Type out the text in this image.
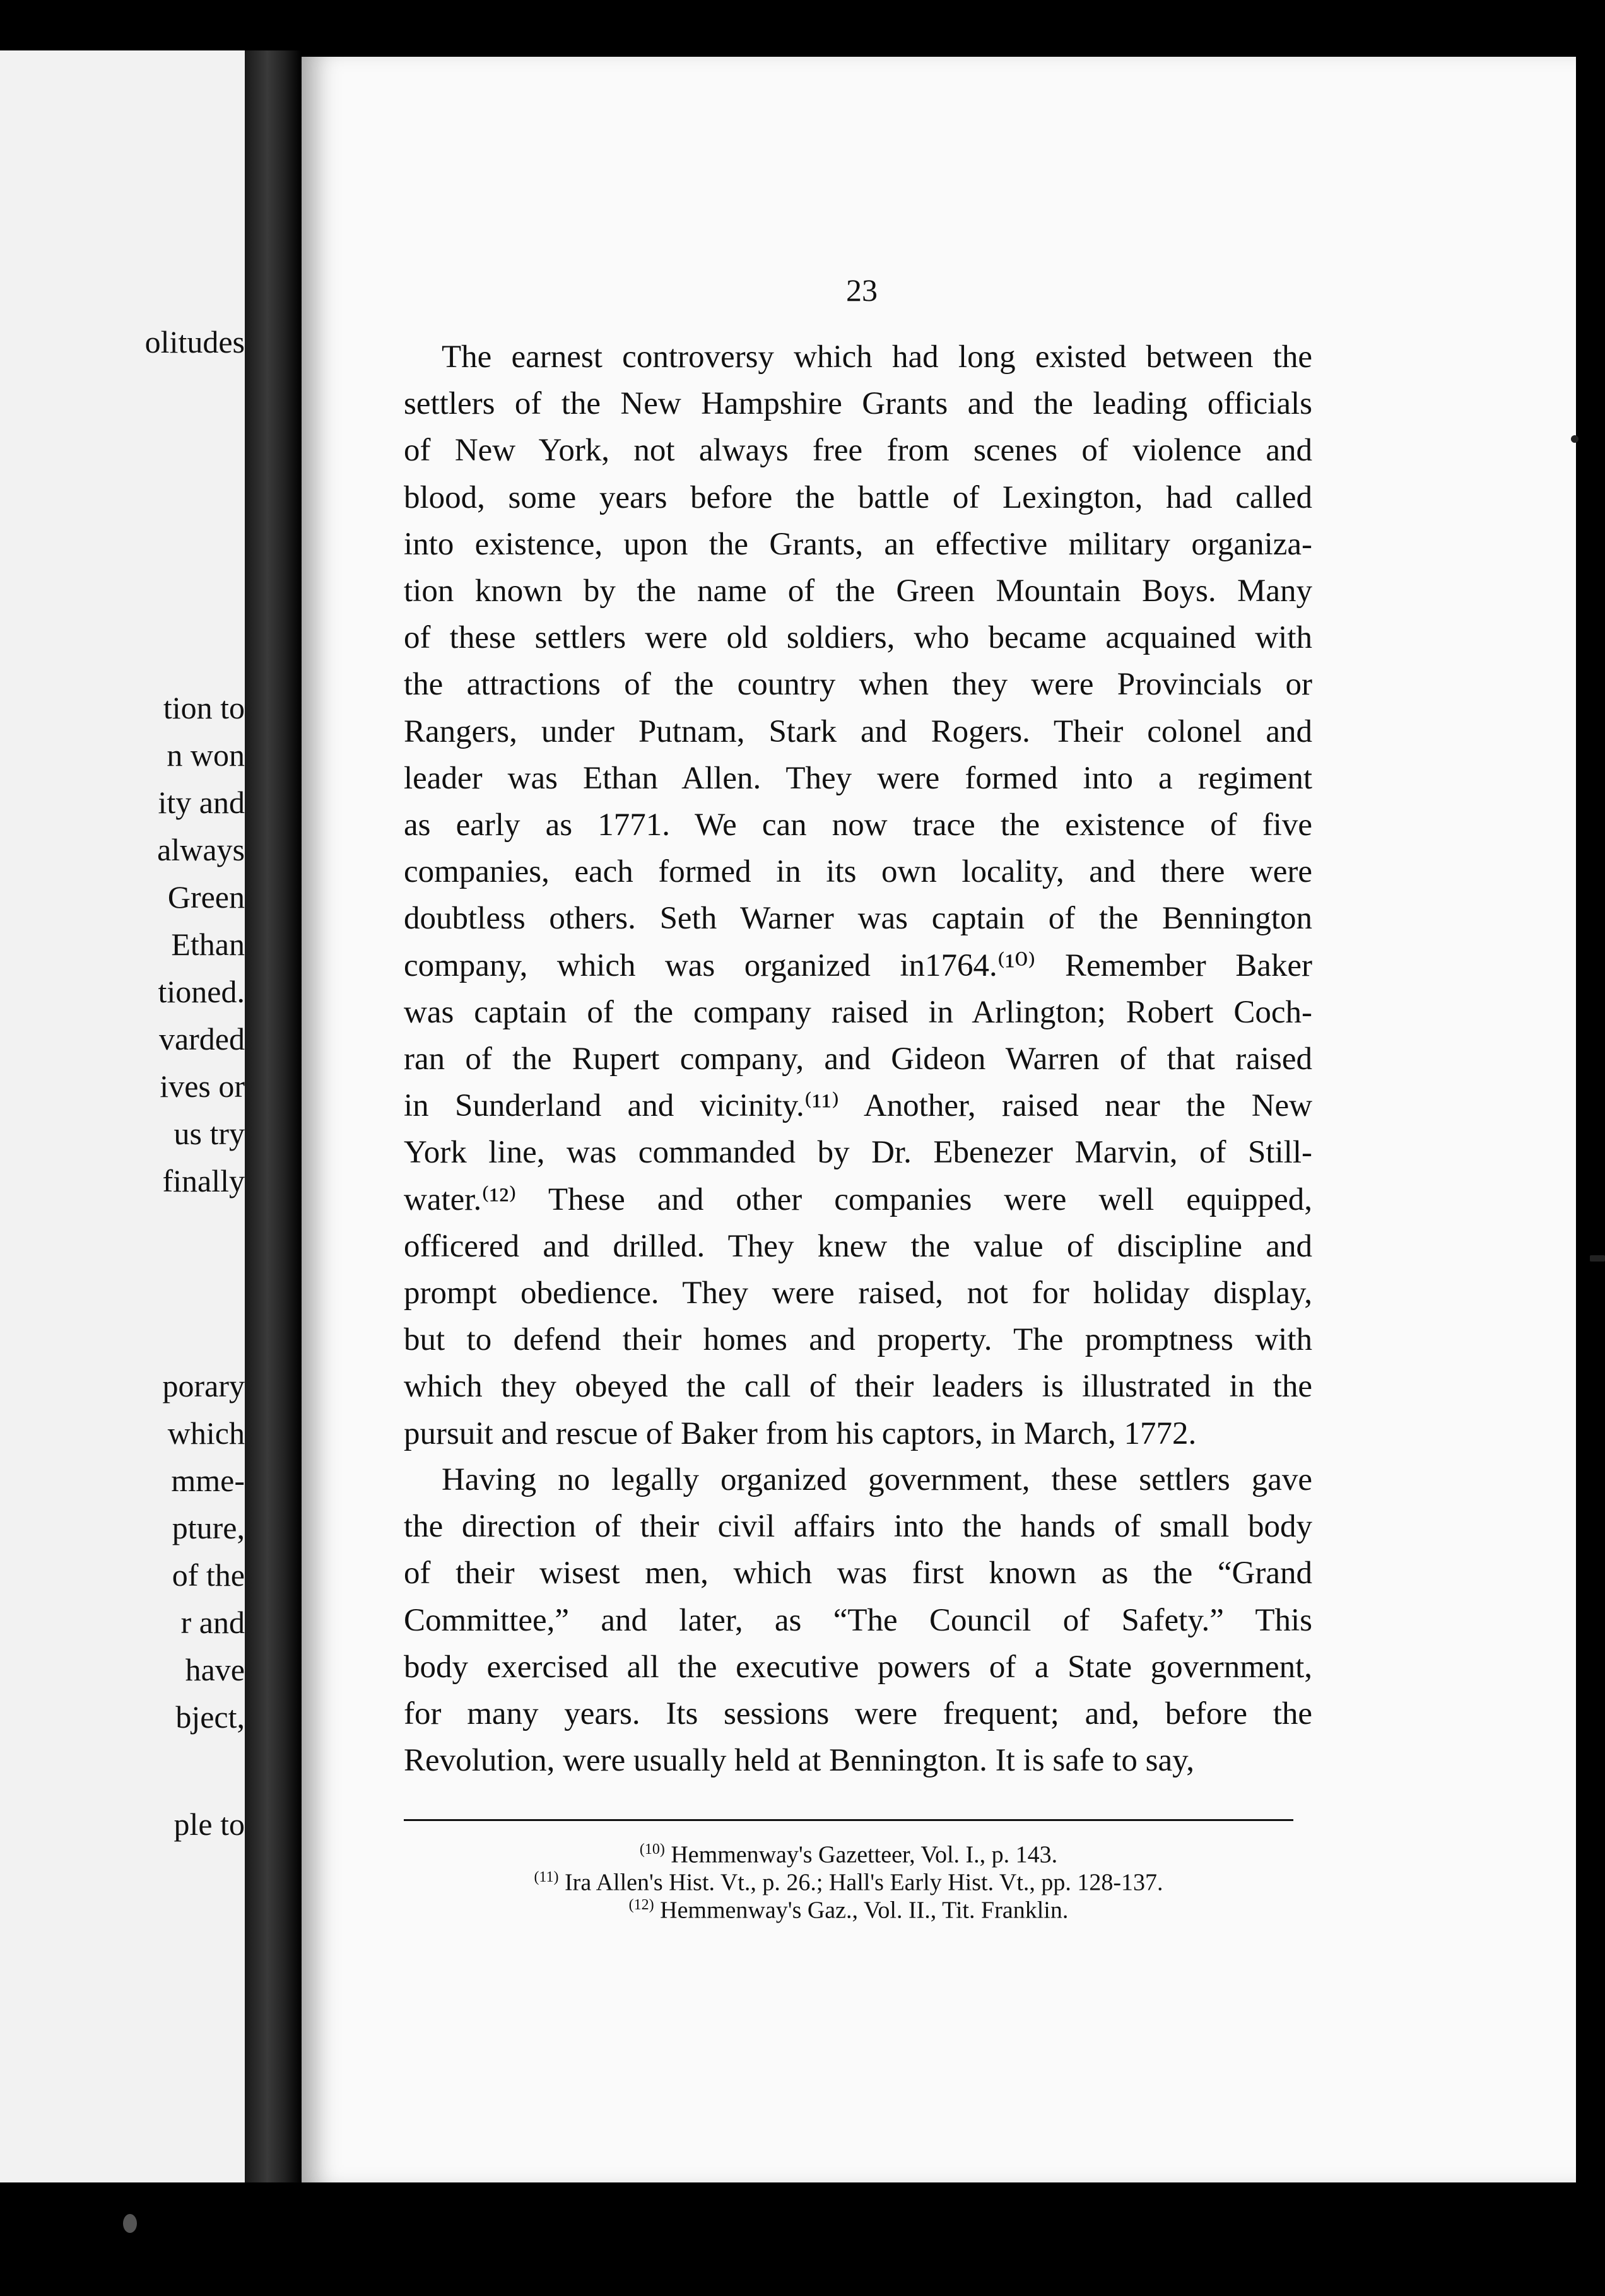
olitudes
tion to
n won
ity and
always
Green
Ethan
tioned.
varded
ives or
us try
finally
porary
which
mme-
pture,
of the
r and
have
bject,
ple to
23
The earnest controversy which had long existed between the
settlers of the New Hampshire Grants and the leading officials
of New York, not always free from scenes of violence and
blood, some years before the battle of Lexington, had called
into existence, upon the Grants, an effective military organiza-
tion known by the name of the Green Mountain Boys. Many
of these settlers were old soldiers, who became acquained with
the attractions of the country when they were Provincials or
Rangers, under Putnam, Stark and Rogers. Their colonel and
leader was Ethan Allen. They were formed into a regiment
as early as 1771. We can now trace the existence of five
companies, each formed in its own locality, and there were
doubtless others. Seth Warner was captain of the Bennington
company, which was organized in1764.⁽¹⁰⁾ Remember Baker
was captain of the company raised in Arlington; Robert Coch-
ran of the Rupert company, and Gideon Warren of that raised
in Sunderland and vicinity.⁽¹¹⁾ Another, raised near the New
York line, was commanded by Dr. Ebenezer Marvin, of Still-
water.⁽¹²⁾ These and other companies were well equipped,
officered and drilled. They knew the value of discipline and
prompt obedience. They were raised, not for holiday display,
but to defend their homes and property. The promptness with
which they obeyed the call of their leaders is illustrated in the
pursuit and rescue of Baker from his captors, in March, 1772.
Having no legally organized government, these settlers gave
the direction of their civil affairs into the hands of small body
of their wisest men, which was first known as the “Grand
Committee,” and later, as “The Council of Safety.” This
body exercised all the executive powers of a State government,
for many years. Its sessions were frequent; and, before the
Revolution, were usually held at Bennington. It is safe to say,
$^{(10)}$ Hemmenway's Gazetteer, Vol. I., p. 143.
$^{(11)}$ Ira Allen's Hist. Vt., p. 26.; Hall's Early Hist. Vt., pp. 128-137.
$^{(12)}$ Hemmenway's Gaz., Vol. II., Tit. Franklin.
